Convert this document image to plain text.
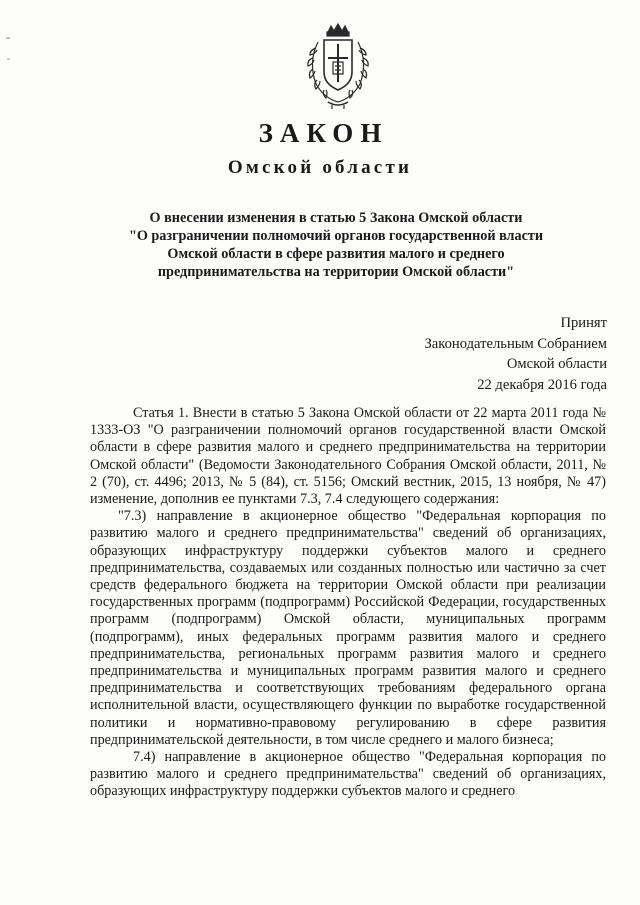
ЗАКОН
Омской области
О внесении изменения в статью 5 Закона Омской области
"О разграничении полномочий органов государственной власти
Омской области в сфере развития малого и среднего
предпринимательства на территории Омской области"
Принят
Законодательным Собранием
Омской области
22 декабря 2016 года

Статья 1. Внести в статью 5 Закона Омской области от 22 марта 2011 года № 1333-ОЗ "О разграничении полномочий органов государственной власти Омской области в сфере развития малого и среднего предпринимательства на территории Омской области" (Ведомости Законодательного Собрания Омской области, 2011, № 2 (70), ст. 4496; 2013, № 5 (84), ст. 5156; Омский вестник, 2015, 13 ноября, № 47) изменение, дополнив ее пунктами 7.3, 7.4 следующего содержания:

"7.3) направление в акционерное общество "Федеральная корпорация по развитию малого и среднего предпринимательства" сведений об организациях, образующих инфраструктуру поддержки субъектов малого и среднего предпринимательства, создаваемых или созданных полностью или частично за счет средств федерального бюджета на территории Омской области при реализации государственных программ (подпрограмм) Российской Федерации, государственных программ (подпрограмм) Омской области, муниципальных программ (подпрограмм), иных федеральных программ развития малого и среднего предпринимательства, региональных программ развития малого и среднего предпринимательства и муниципальных программ развития малого и среднего предпринимательства и соответствующих требованиям федерального органа исполнительной власти, осуществляющего функции по выработке государственной политики и нормативно-правовому регулированию в сфере развития предпринимательской деятельности, в том числе среднего и малого бизнеса;

7.4) направление в акционерное общество "Федеральная корпорация по развитию малого и среднего предпринимательства" сведений об организациях, образующих инфраструктуру поддержки субъектов малого и среднего
